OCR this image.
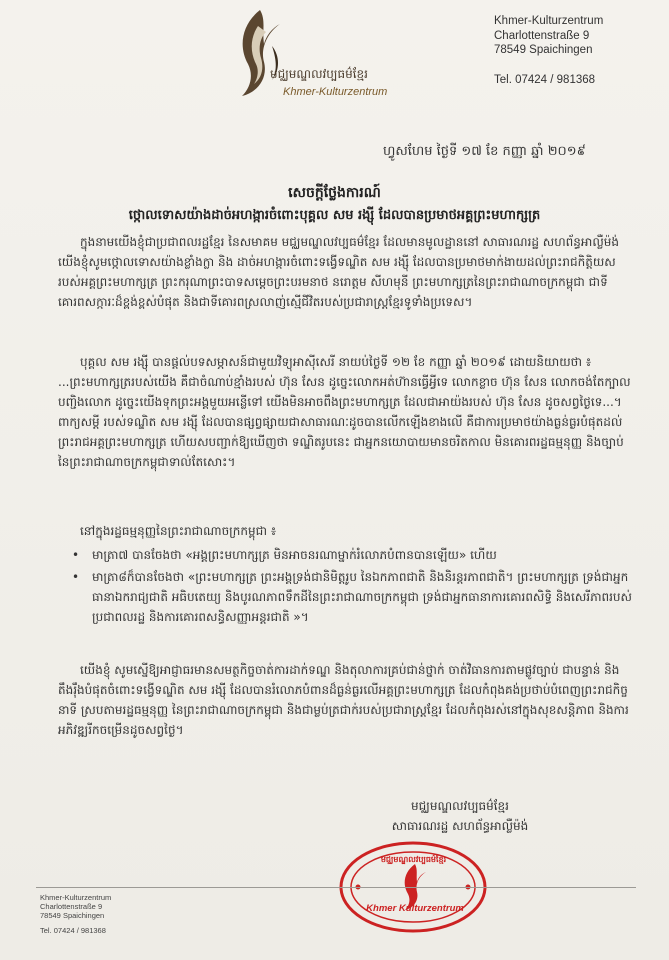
មជ្ឈមណ្ឌលវប្បធម៌ខ្មែរ
Khmer-Kulturzentrum
Khmer-Kulturzentrum
Charlottenstraße 9
78549 Spaichingen
Tel. 07424 / 981368
ហ្វូសហែម ថ្ងៃទី ១៧ ខែ កញ្ញា ឆ្នាំ ២០១៩
សេចក្តីថ្លែងការណ៍
ថ្កោលទោសយ៉ាងដាច់អហង្ការចំពោះបុគ្គល សម រង្ស៊ី ដែលបានប្រមាថអគ្គព្រះមហាក្សត្រ
ក្នុងនាមយើងខ្ញុំជាប្រជាពលរដ្ឋខ្មែរ នៃសមាគម មជ្ឈមណ្ឌលវប្បធម៌ខ្មែរ ដែលមានមូលដ្ឋាននៅ សាធារណរដ្ឋ សហព័ន្ធអាល្លឺម៉ង់ យើងខ្ញុំសូមថ្កោលទោសយ៉ាងខ្លាំងក្លា និង ដាច់អហង្ការចំពោះទង្វើទណ្ឌិត សម រង្ស៊ី ដែលបានប្រមាថមាក់ងាយដល់ព្រះរាជកិត្តិយសរបស់អគ្គព្រះមហាក្សត្រ ព្រះករុណាព្រះបាទសម្តេចព្រះបរមនាថ នរោត្តម សីហមុនី ព្រះមហាក្សត្រនៃព្រះរាជាណាចក្រកម្ពុជា ជាទីគោរពសក្ការៈដ៏ខ្ពង់ខ្ពស់បំផុត និងជាទីគោរពស្រលាញ់ស្មើជីវិតរបស់ប្រជារាស្ត្រខ្មែរទូទាំងប្រទេស។
បុគ្គល សម រង្ស៊ី បានផ្តល់បទសម្ភាសន៍ជាមួយវិទ្យុអាស៊ីសេរី នាយប់ថ្ងៃទី ១២ ខែ កញ្ញា ឆ្នាំ ២០១៩ ដោយនិយាយថា ៖ ...ព្រះមហាក្សត្ររបស់យើង គឺជាចំណាប់ខ្មាំងរបស់ ហ៊ុន សែន ដូច្នេះលោកអត់ហ៊ានធ្វើអ្វីទេ លោកខ្លាច ហ៊ុន សែន លោកចង់តែក្បាលបញ្ជិងលោក ដូច្នេះយើងទុកព្រះអង្គមួយអន្លើទៅ យើងមិនអាចពឹងព្រះមហាក្សត្រ ដែលជាអាយ៉ងរបស់ ហ៊ុន សែន ដូចសព្វថ្ងៃទេ...។ ពាក្យសម្តី របស់ទណ្ឌិត សម រង្ស៊ី ដែលបានផ្សព្វផ្សាយជាសាធារណៈដូចបានលើកឡើងខាងលើ គឺជាការប្រមាថយ៉ាងធ្ងន់ធ្ងរបំផុតដល់ព្រះរាជអគ្គព្រះមហាក្សត្រ ហើយសបញ្ជាក់ឱ្យឃើញថា ទណ្ឌិតរូបនេះ ជាអ្នកនយោបាយមានចរិតកាល មិនគោរពរដ្ឋធម្មនុញ្ញ និងច្បាប់នៃព្រះរាជាណាចក្រកម្ពុជាទាល់តែសោះ។
នៅក្នុងរដ្ឋធម្មនុញ្ញនៃព្រះរាជាណាចក្រកម្ពុជា ៖
• មាត្រា៧ បានចែងថា «អង្គព្រះមហាក្សត្រ មិនអាចនរណាម្នាក់រំលោភបំពានបានឡើយ» ហើយ
• មាត្រា៨ក៏បានចែងថា «ព្រះមហាក្សត្រ ព្រះអង្គទ្រង់ជានិមិត្តរូប នៃឯកភាពជាតិ និងនិរន្តរភាពជាតិ។ ព្រះមហាក្សត្រ ទ្រង់ជាអ្នកធានាឯករាជ្យជាតិ អធិបតេយ្យ និងបូរណភាពទឹកដីនៃព្រះរាជាណាចក្រកម្ពុជា ទ្រង់ជាអ្នកធានាការគោរពសិទ្ធិ និងសេរីភាពរបស់ប្រជាពលរដ្ឋ និងការគោរពសន្ធិសញ្ញាអន្តរជាតិ »។
យើងខ្ញុំ សូមស្នើឱ្យអាជ្ញាធរមានសមត្ថកិច្ចចាត់ការដាក់ទណ្ឌ និងតុលាការគ្រប់ជាន់ថ្នាក់ ចាត់វិធានការតាមផ្លូវច្បាប់ ជាបន្ទាន់ និងតឹងរ៉ឹងបំផុតចំពោះទង្វើទណ្ឌិត សម រង្ស៊ី ដែលបានរំលោភបំពានដ៏ធ្ងន់ធ្ងរលើអគ្គព្រះមហាក្សត្រ ដែលកំពុងគង់ប្រថាប់បំពេញព្រះរាជកិច្ចនាទី ស្របតាមរដ្ឋធម្មនុញ្ញ នៃព្រះរាជាណាចក្រកម្ពុជា និងជាម្លប់ត្រជាក់របស់ប្រជារាស្ត្រខ្មែរ ដែលកំពុងរស់នៅក្នុងសុខសន្តិភាព និងការអភិវឌ្ឍរីកចម្រើនដូចសព្វថ្ងៃ។
មជ្ឈមណ្ឌលវប្បធម៌ខ្មែរ
សាធារណរដ្ឋ សហព័ន្ធអាល្លឺម៉ង់
មជ្ឈមណ្ឌលវប្បធម៌ខ្មែរ
Khmer Kulturzentrum
Khmer-Kulturzentrum
Charlottenstraße 9
78549 Spaichingen
Tel. 07424 / 981368
